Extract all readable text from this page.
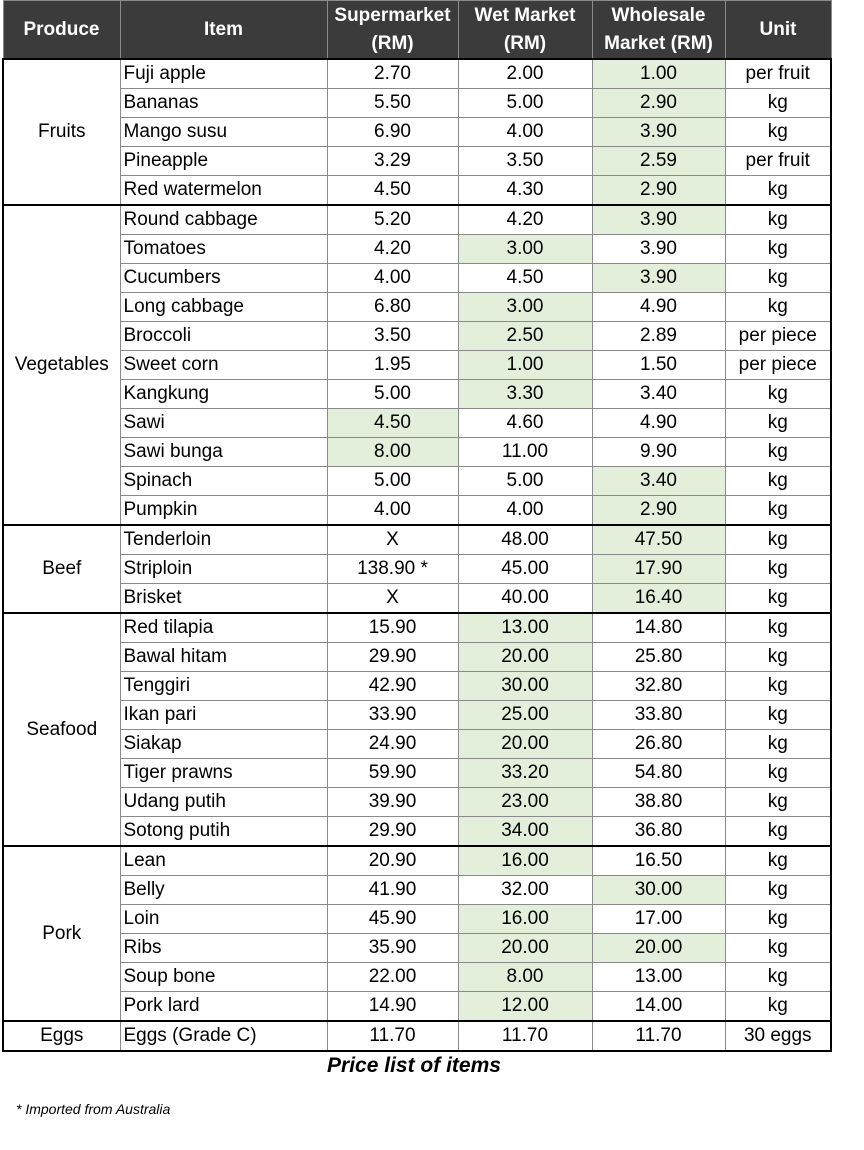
Produce	Item	Supermarket (RM)	Wet Market (RM)	Wholesale Market (RM)	Unit
Fruits	Fuji apple	2.70	2.00	1.00	per fruit
	Bananas	5.50	5.00	2.90	kg
	Mango susu	6.90	4.00	3.90	kg
	Pineapple	3.29	3.50	2.59	per fruit
	Red watermelon	4.50	4.30	2.90	kg
Vegetables	Round cabbage	5.20	4.20	3.90	kg
	Tomatoes	4.20	3.00	3.90	kg
	Cucumbers	4.00	4.50	3.90	kg
	Long cabbage	6.80	3.00	4.90	kg
	Broccoli	3.50	2.50	2.89	per piece
	Sweet corn	1.95	1.00	1.50	per piece
	Kangkung	5.00	3.30	3.40	kg
	Sawi	4.50	4.60	4.90	kg
	Sawi bunga	8.00	11.00	9.90	kg
	Spinach	5.00	5.00	3.40	kg
	Pumpkin	4.00	4.00	2.90	kg
Beef	Tenderloin	X	48.00	47.50	kg
	Striploin	138.90 *	45.00	17.90	kg
	Brisket	X	40.00	16.40	kg
Seafood	Red tilapia	15.90	13.00	14.80	kg
	Bawal hitam	29.90	20.00	25.80	kg
	Tenggiri	42.90	30.00	32.80	kg
	Ikan pari	33.90	25.00	33.80	kg
	Siakap	24.90	20.00	26.80	kg
	Tiger prawns	59.90	33.20	54.80	kg
	Udang putih	39.90	23.00	38.80	kg
	Sotong putih	29.90	34.00	36.80	kg
Pork	Lean	20.90	16.00	16.50	kg
	Belly	41.90	32.00	30.00	kg
	Loin	45.90	16.00	17.00	kg
	Ribs	35.90	20.00	20.00	kg
	Soup bone	22.00	8.00	13.00	kg
	Pork lard	14.90	12.00	14.00	kg
Eggs	Eggs (Grade C)	11.70	11.70	11.70	30 eggs
Price list of items
* Imported from Australia
